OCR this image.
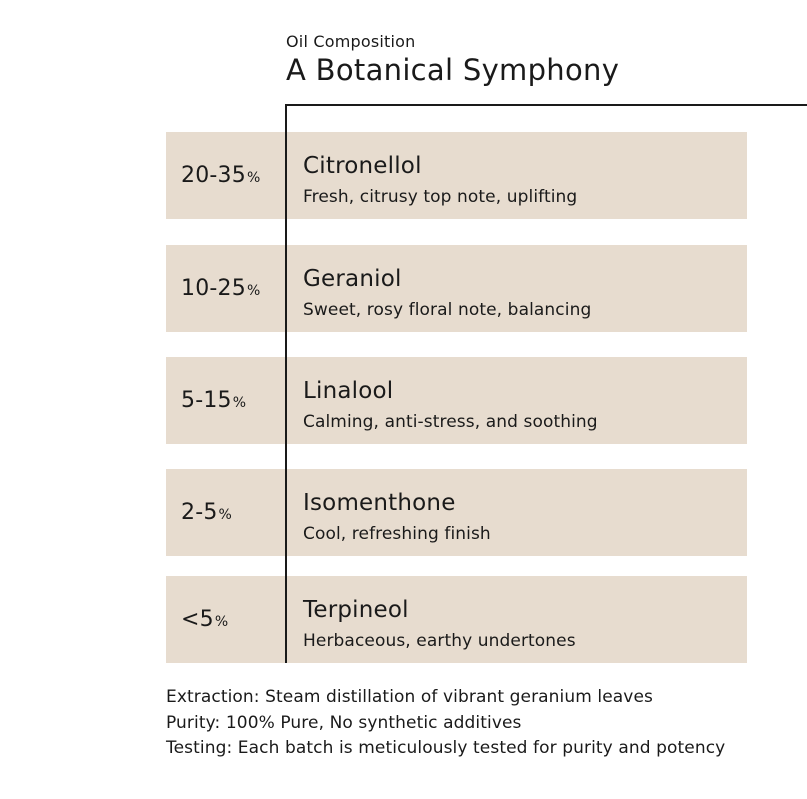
Oil Composition
A Botanical Symphony
20-35 % Citronellol
Fresh, citrusy top note, uplifting
10-25 % Geraniol
Sweet, rosy floral note, balancing
5-15 % Linalool
Calming, anti-stress, and soothing
2-5 %	Isomenthone
Cool, refreshing finish
<5 %	Terpineol
Herbaceous, earthy undertones
Extraction: Steam distillation of vibrant geranium leaves
Purity: 100% Pure, No synthetic additives
Testing: Each batch is meticulously tested for purity and potency
